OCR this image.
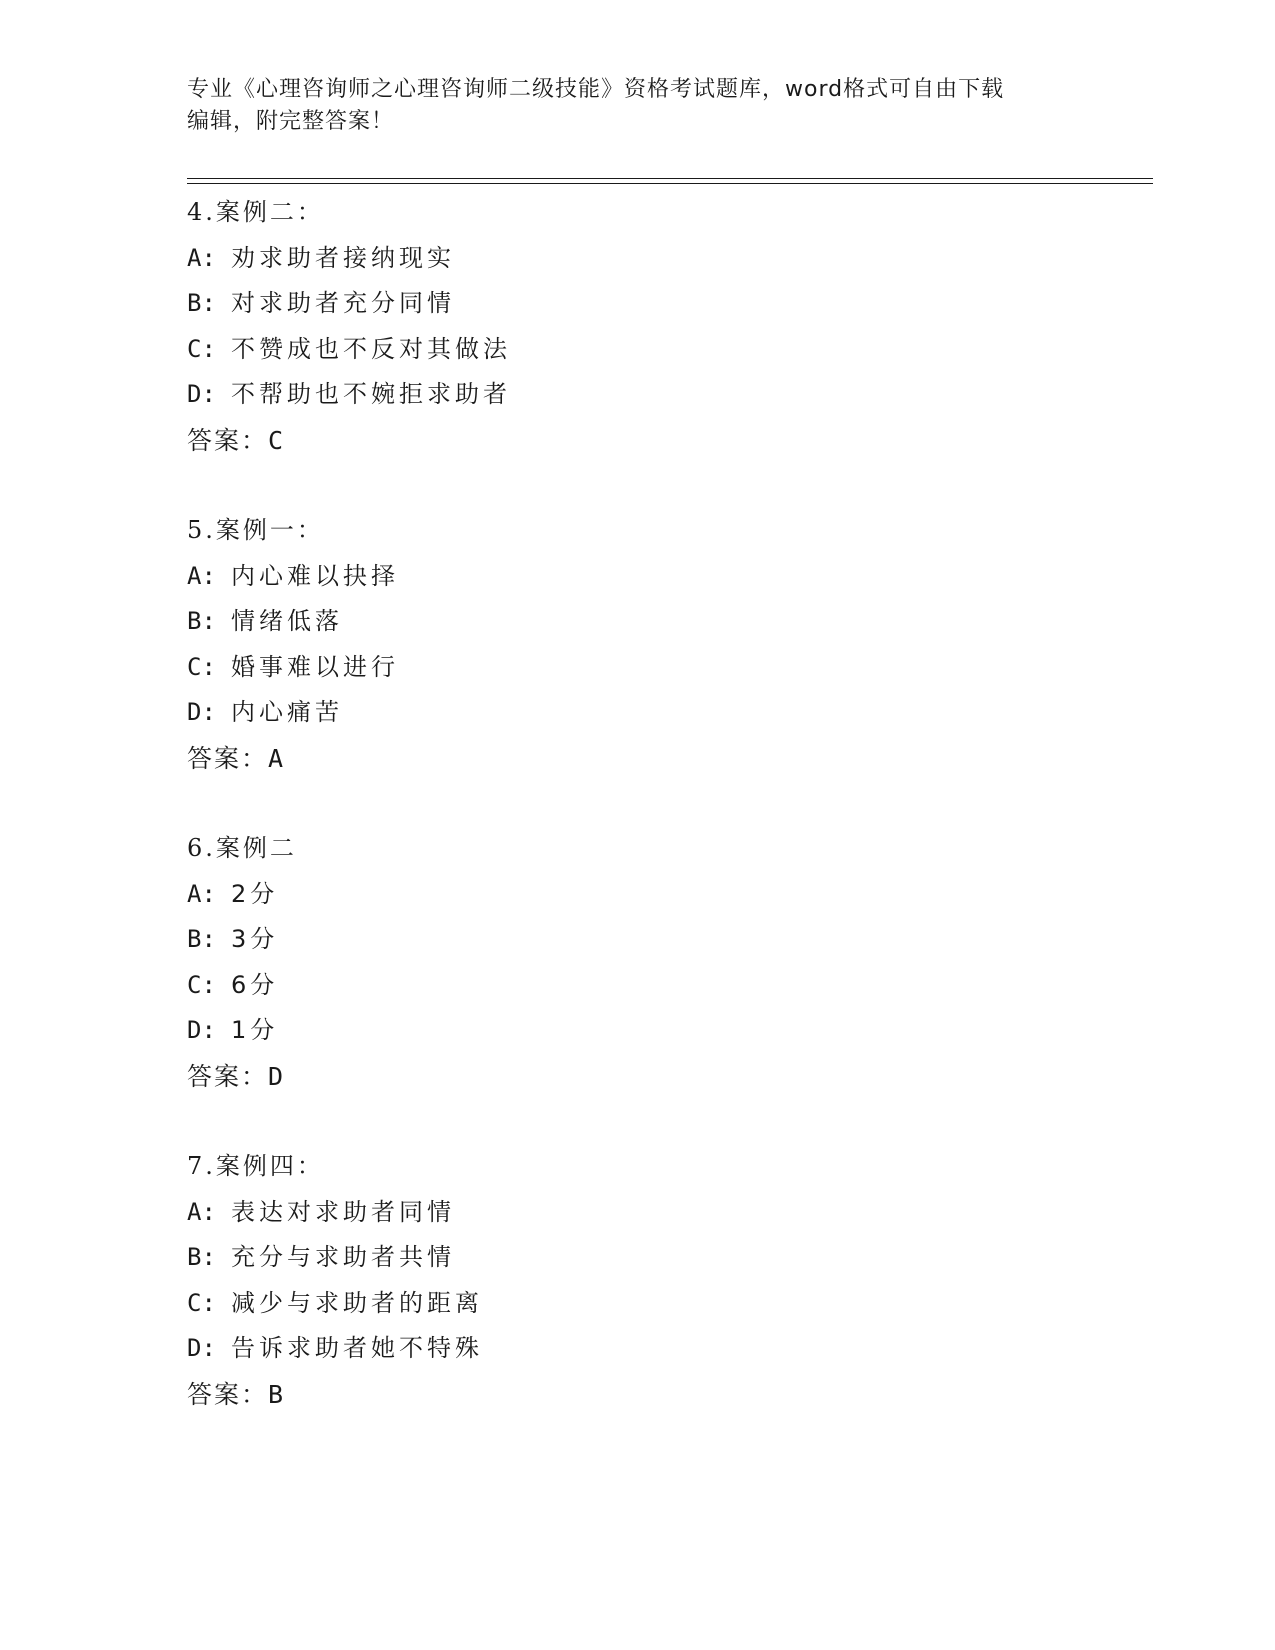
专业《心理咨询师之心理咨询师二级技能》资格考试题库，word格式可自由下载
编辑，附完整答案！
4.案例二：
A: 劝求助者接纳现实
B: 对求助者充分同情
C: 不赞成也不反对其做法
D: 不帮助也不婉拒求助者
答案：C
5.案例一：
A: 内心难以抉择
B: 情绪低落
C: 婚事难以进行
D: 内心痛苦
答案：A
6.案例二
A: 2分
B: 3分
C: 6分
D: 1分
答案：D
7.案例四：
A: 表达对求助者同情
B: 充分与求助者共情
C: 减少与求助者的距离
D: 告诉求助者她不特殊
答案：B
